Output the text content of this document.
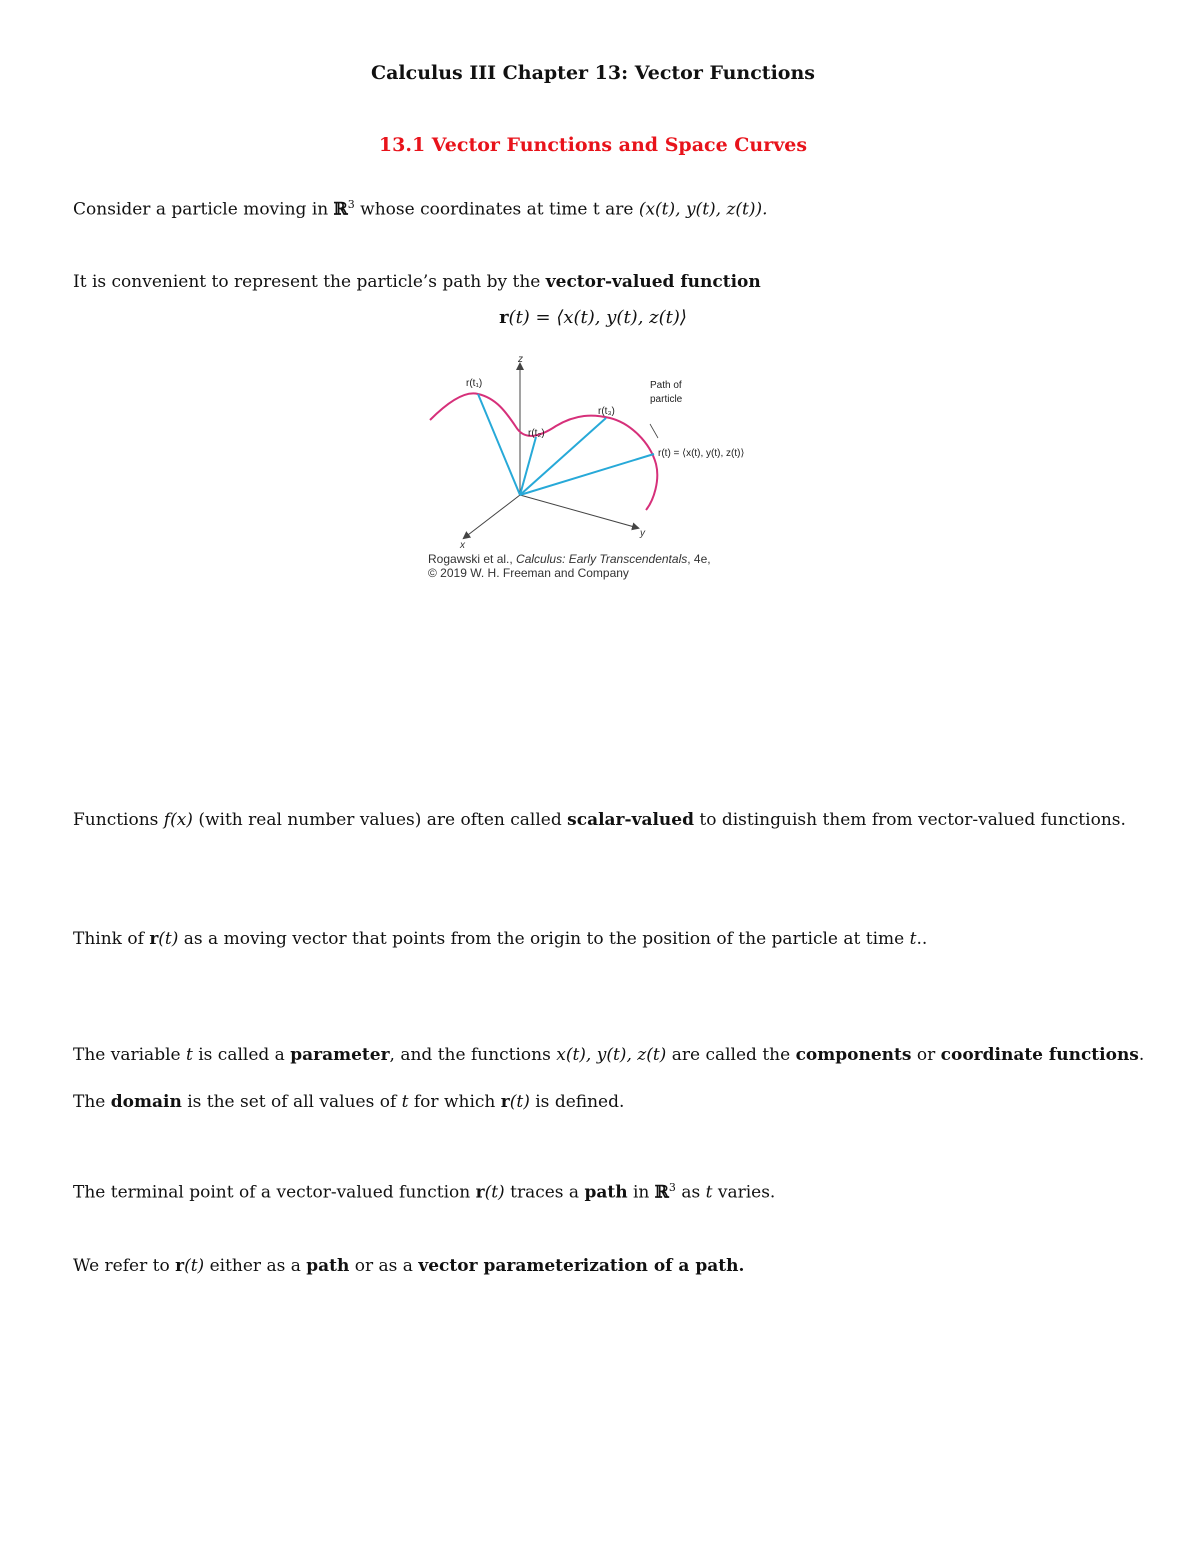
Calculus III Chapter 13: Vector Functions
13.1 Vector Functions and Space Curves
Consider a particle moving in ℝ$^3$ whose coordinates at time t are (x(t), y(t), z(t)).
It is convenient to represent the particle’s path by the vector-valued function
r(t) = ⟨x(t), y(t), z(t)⟩
z
x
y
r(t₁)
r(t₂)
r(t₃)
Path of
particle
r(t) = ⟨x(t), y(t), z(t)⟩
Rogawski et al., Calculus: Early Transcendentals, 4e,
© 2019 W. H. Freeman and Company
Functions f(x) (with real number values) are often called scalar-valued to distinguish them from vector-valued functions.
Think of r(t) as a moving vector that points from the origin to the position of the particle at time t..
The variable t is called a parameter, and the functions x(t), y(t), z(t) are called the components or coordinate functions.
The domain is the set of all values of t for which r(t) is defined.
The terminal point of a vector-valued function r(t) traces a path in ℝ$^3$ as t varies.
We refer to r(t) either as a path or as a vector parameterization of a path.
